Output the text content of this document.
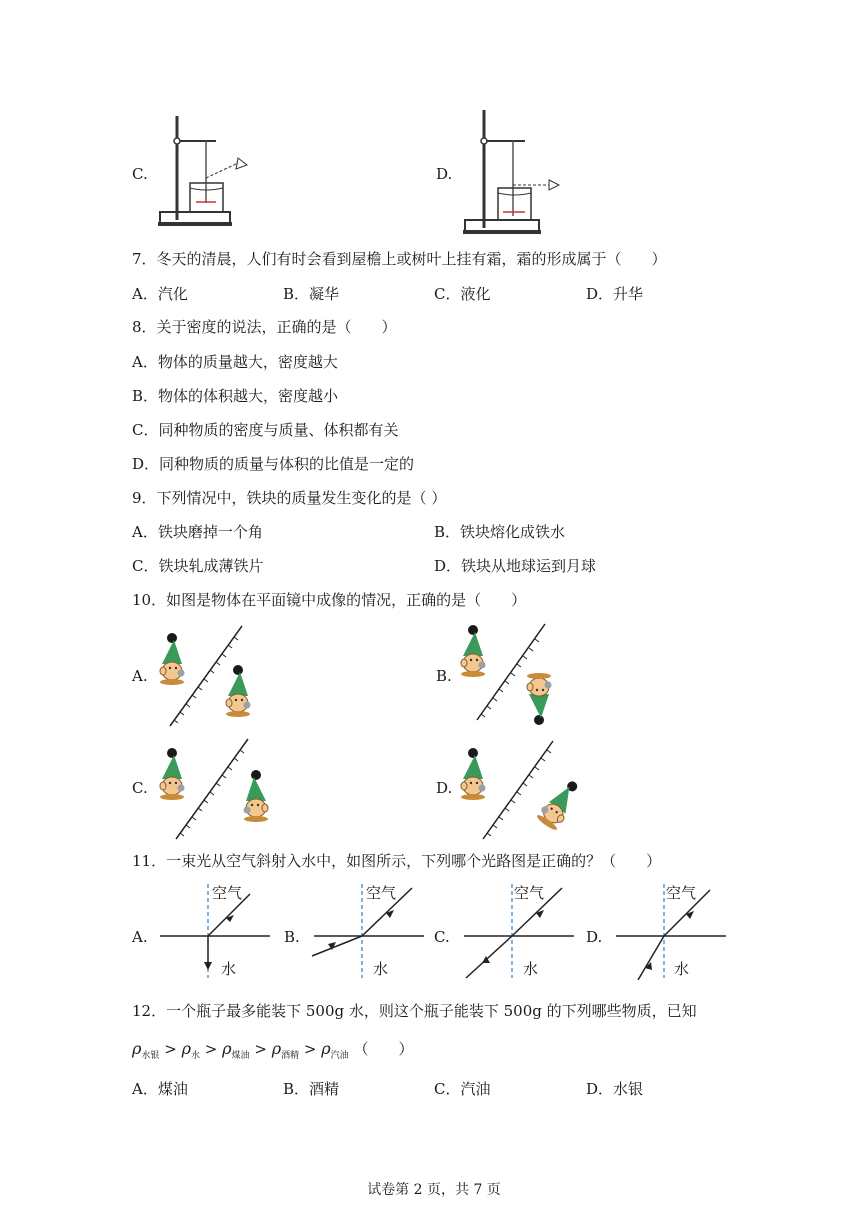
C.	D.
7．冬天的清晨，人们有时会看到屋檐上或树叶上挂有霜，霜的形成属于（　　）
A．汽化	B．凝华	C．液化	D．升华
8．关于密度的说法，正确的是（　　）
A．物体的质量越大，密度越大
B．物体的体积越大，密度越小
C．同种物质的密度与质量、体积都有关
D．同种物质的质量与体积的比值是一定的
9．下列情况中，铁块的质量发生变化的是（ ）
A．铁块磨掉一个角	B．铁块熔化成铁水
C．铁块轧成薄铁片	D．铁块从地球运到月球
10．如图是物体在平面镜中成像的情况，正确的是（　　）
A.	B.
C.	D.
11．一束光从空气斜射入水中，如图所示，下列哪个光路图是正确的？（　　）
A.
空气
水
B.
空气
水
C.
空气
水
D.
空气
水
12．一个瓶子最多能装下 500g 水，则这个瓶子能装下 500g 的下列哪些物质，已知
$\rho_{水银} > \rho_水 > \rho_{煤油} > \rho_{酒精} > \rho_{汽油}$ （　　）
A．煤油	B．酒精	C．汽油	D．水银
试卷第 2 页，共 7 页
